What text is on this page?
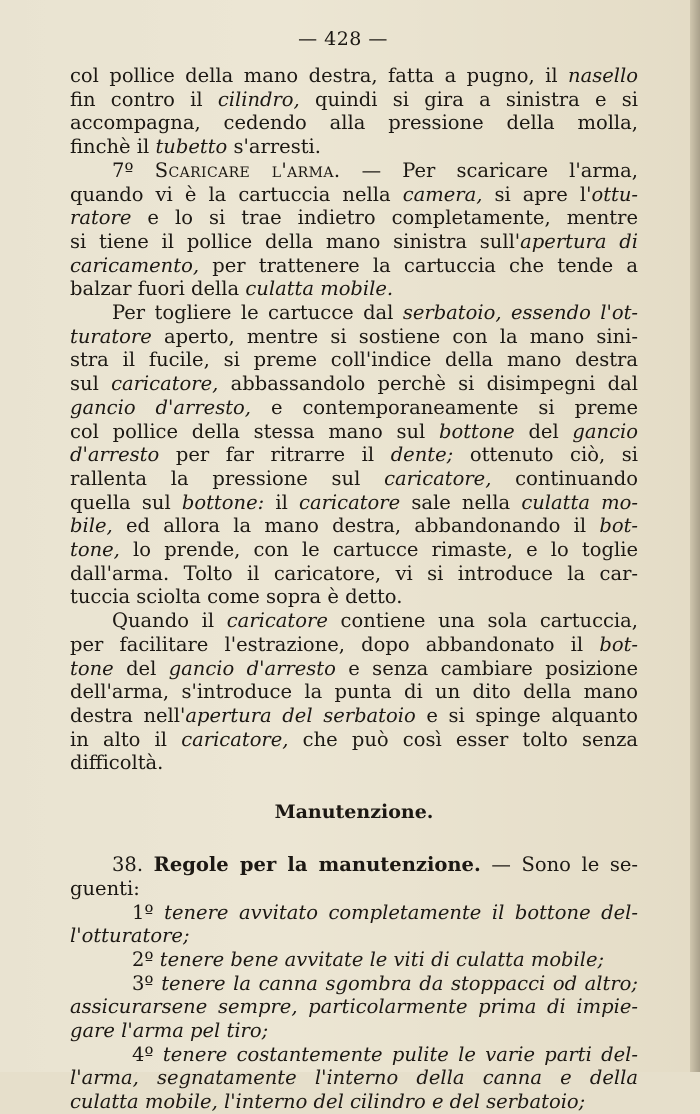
— 428 —

col pollice della mano destra, fatta a pugno, il nasello

fin contro il cilindro, quindi si gira a sinistra e si

accompagna, cedendo alla pressione della molla,

finchè il tubetto s'arresti.

7º Scaricare l'arma. — Per scaricare l'arma,

quando vi è la cartuccia nella camera, si apre l'ottu-

ratore e lo si trae indietro completamente, mentre

si tiene il pollice della mano sinistra sull'apertura di

caricamento, per trattenere la cartuccia che tende a

balzar fuori della culatta mobile.

Per togliere le cartucce dal serbatoio, essendo l'ot-

turatore aperto, mentre si sostiene con la mano sini-

stra il fucile, si preme coll'indice della mano destra

sul caricatore, abbassandolo perchè si disimpegni dal

gancio d'arresto, e contemporaneamente si preme

col pollice della stessa mano sul bottone del gancio

d'arresto per far ritrarre il dente; ottenuto ciò, si

rallenta la pressione sul caricatore, continuando

quella sul bottone: il caricatore sale nella culatta mo-

bile, ed allora la mano destra, abbandonando il bot-

tone, lo prende, con le cartucce rimaste, e lo toglie

dall'arma. Tolto il caricatore, vi si introduce la car-

tuccia sciolta come sopra è detto.

Quando il caricatore contiene una sola cartuccia,

per facilitare l'estrazione, dopo abbandonato il bot-

tone del gancio d'arresto e senza cambiare posizione

dell'arma, s'introduce la punta di un dito della mano

destra nell'apertura del serbatoio e si spinge alquanto

in alto il caricatore, che può così esser tolto senza

difficoltà.

Manutenzione.

38. Regole per la manutenzione. — Sono le se-

guenti:

1º tenere avvitato completamente il bottone del-

l'otturatore;

2º tenere bene avvitate le viti di culatta mobile;

3º tenere la canna sgombra da stoppacci od altro;

assicurarsene sempre, particolarmente prima di impie-

gare l'arma pel tiro;

4º tenere costantemente pulite le varie parti del-

l'arma, segnatamente l'interno della canna e della

culatta mobile, l'interno del cilindro e del serbatoio;
